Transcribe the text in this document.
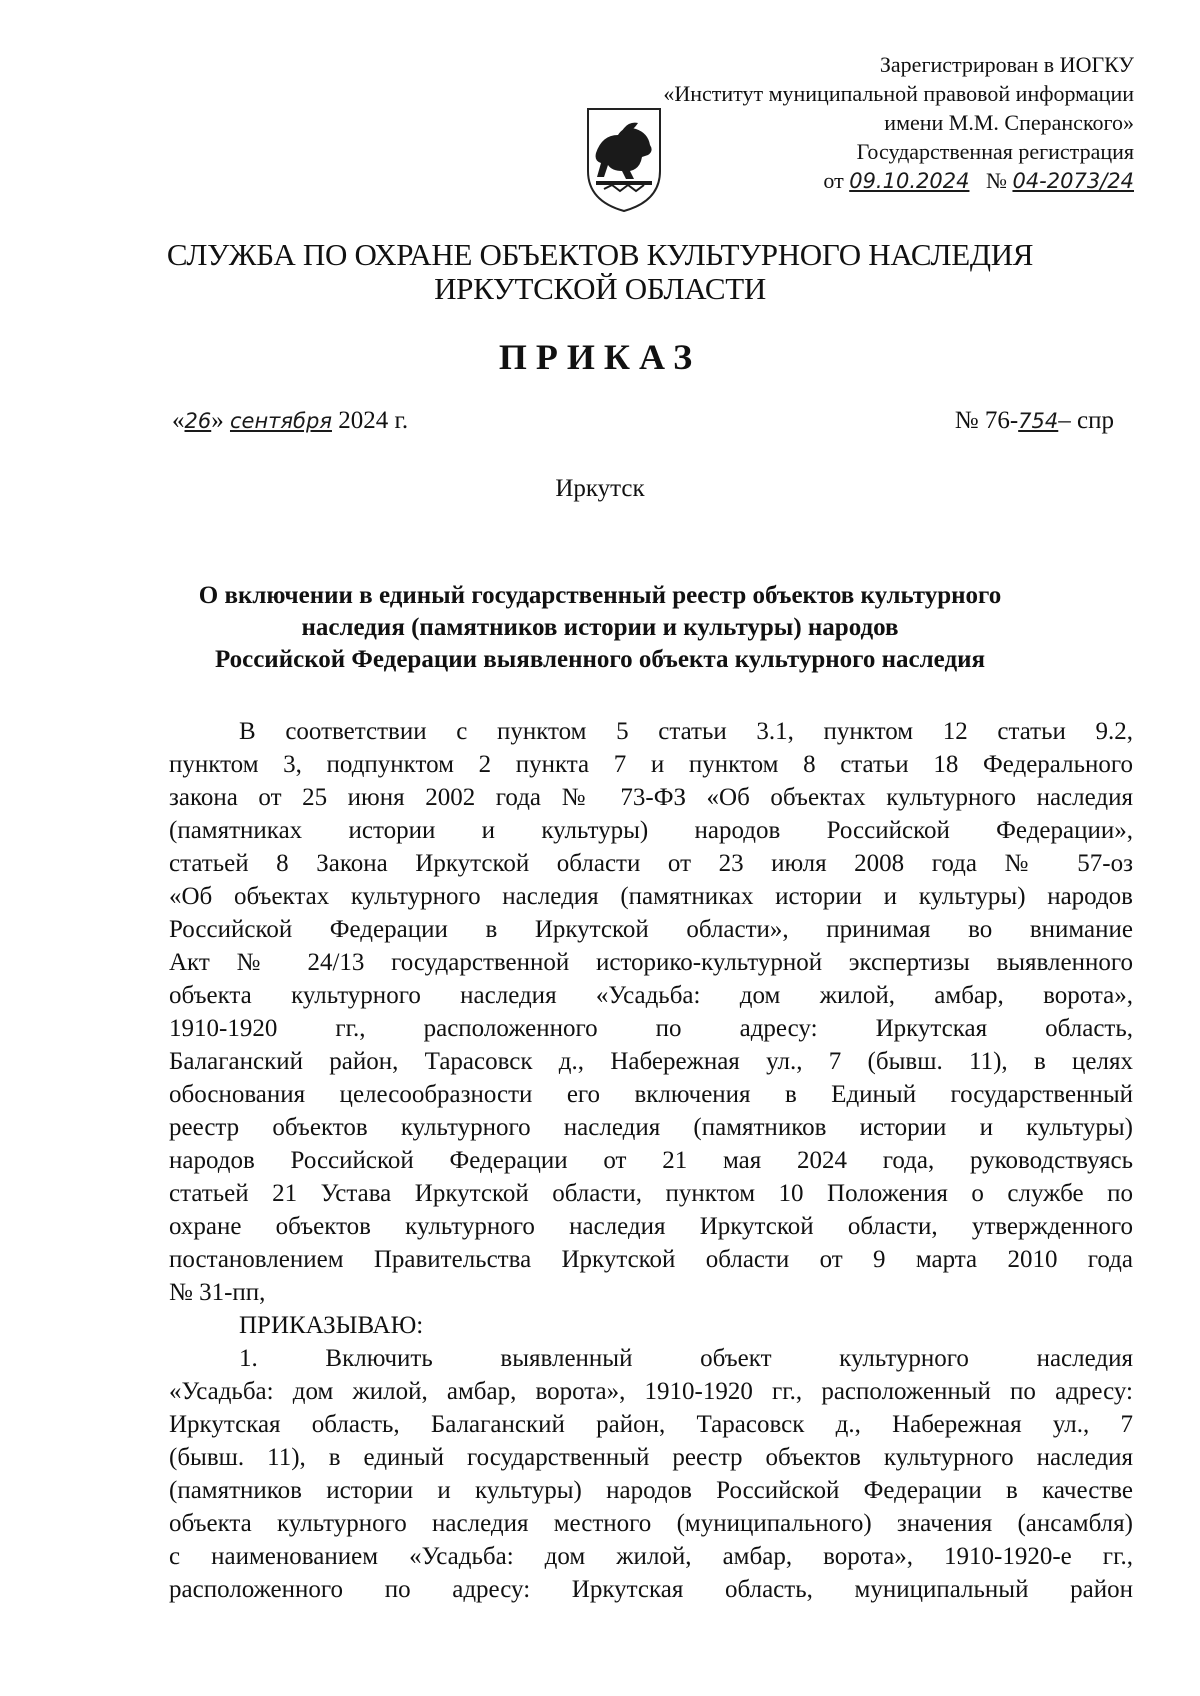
Зарегистрирован в ИОГКУ
«Институт муниципальной правовой информации
имени М.М. Сперанского»
Государственная регистрация
от 09.10.2024 № 04-2073/24
СЛУЖБА ПО ОХРАНЕ ОБЪЕКТОВ КУЛЬТУРНОГО НАСЛЕДИЯ
ИРКУТСКОЙ ОБЛАСТИ
ПРИКАЗ
«26» сентября 2024 г.	№ 76-754– спр
Иркутск
О включении в единый государственный реестр объектов культурного
наследия (памятников истории и культуры) народов
Российской Федерации выявленного объекта культурного наследия
В соответствии с пунктом 5 статьи 3.1, пунктом 12 статьи 9.2,
пунктом 3, подпунктом 2 пункта 7 и пунктом 8 статьи 18 Федерального
закона от 25 июня 2002 года № 73-ФЗ «Об объектах культурного наследия
(памятниках истории и культуры) народов Российской Федерации»,
статьей 8 Закона Иркутской области от 23 июля 2008 года № 57-оз
«Об объектах культурного наследия (памятниках истории и культуры) народов
Российской Федерации в Иркутской области», принимая во внимание
Акт № 24/13 государственной историко-культурной экспертизы выявленного
объекта культурного наследия «Усадьба: дом жилой, амбар, ворота»,
1910-1920 гг., расположенного по адресу: Иркутская область,
Балаганский район, Тарасовск д., Набережная ул., 7 (бывш. 11), в целях
обоснования целесообразности его включения в Единый государственный
реестр объектов культурного наследия (памятников истории и культуры)
народов Российской Федерации от 21 мая 2024 года, руководствуясь
статьей 21 Устава Иркутской области, пунктом 10 Положения о службе по
охране объектов культурного наследия Иркутской области, утвержденного
постановлением Правительства Иркутской области от 9 марта 2010 года
№ 31-пп,
ПРИКАЗЫВАЮ:
1. Включить выявленный объект культурного наследия
«Усадьба: дом жилой, амбар, ворота», 1910-1920 гг., расположенный по адресу:
Иркутская область, Балаганский район, Тарасовск д., Набережная ул., 7
(бывш. 11), в единый государственный реестр объектов культурного наследия
(памятников истории и культуры) народов Российской Федерации в качестве
объекта культурного наследия местного (муниципального) значения (ансамбля)
с наименованием «Усадьба: дом жилой, амбар, ворота», 1910-1920-е гг.,
расположенного по адресу: Иркутская область, муниципальный район
